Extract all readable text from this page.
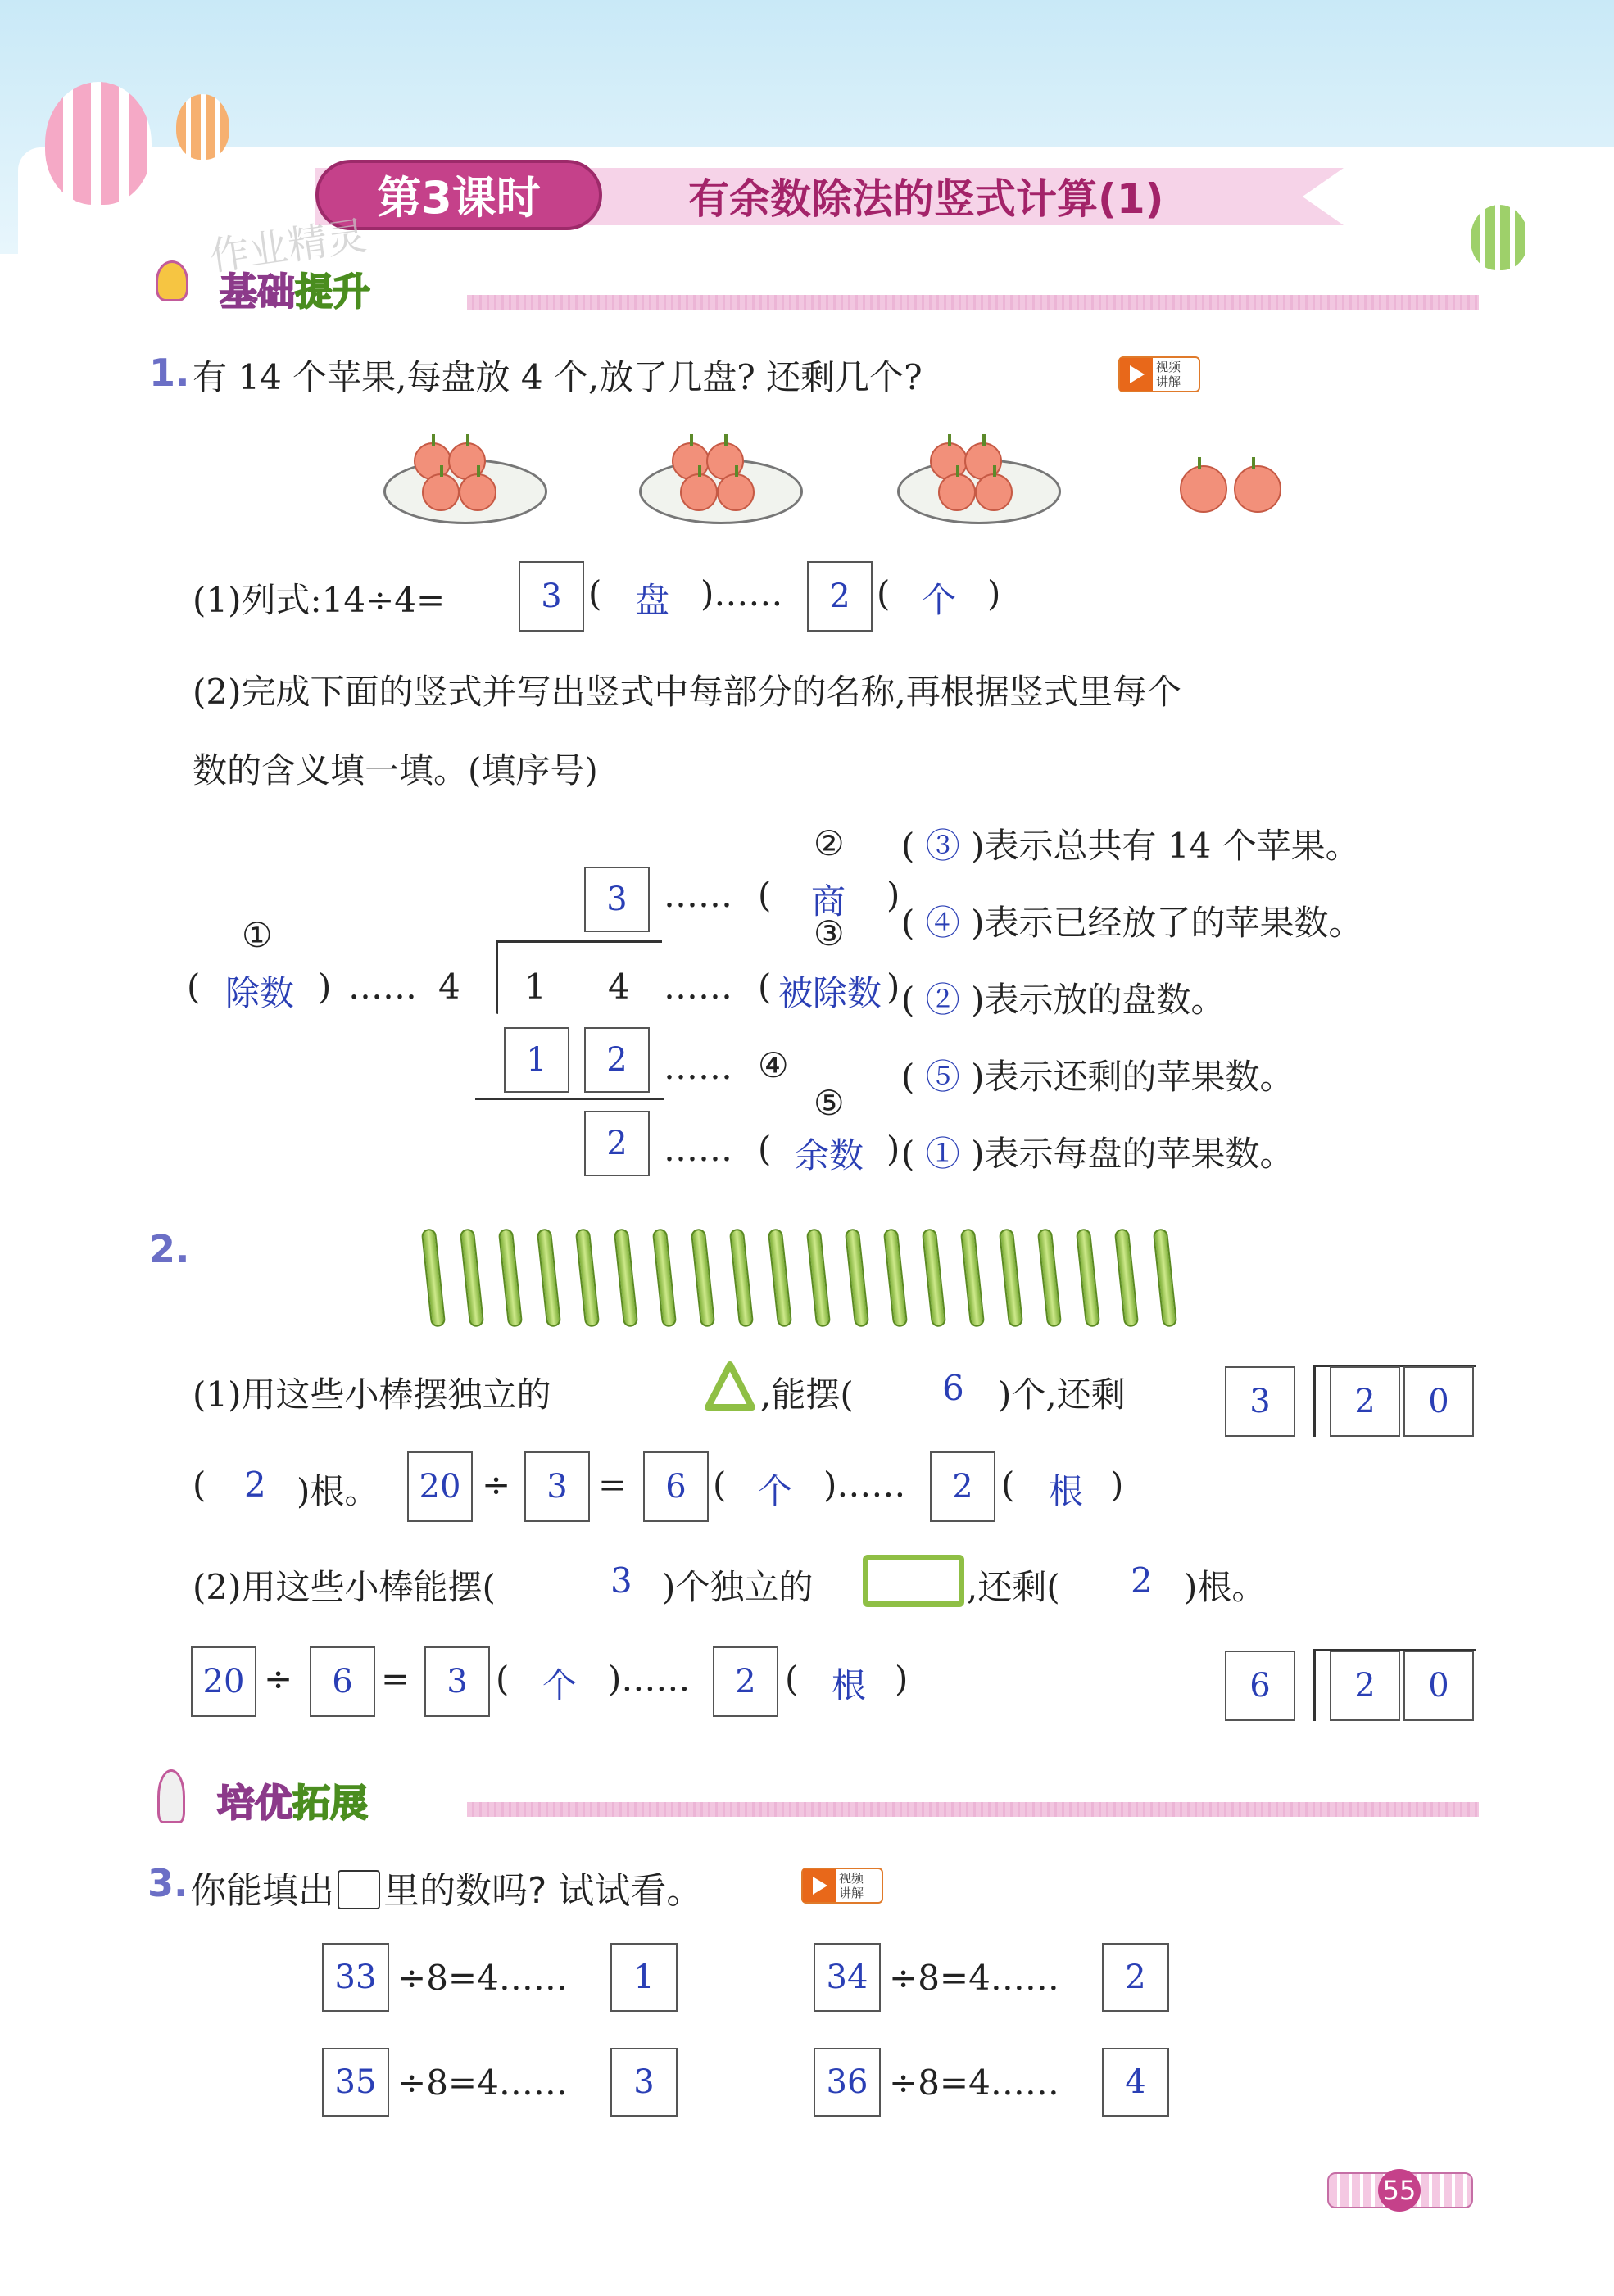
第3课时	有余数除法的竖式计算(1)
作业精灵
基础提升
1. 有 14 个苹果,每盘放 4 个,放了几盘? 还剩几个?	视频
讲解
(1)列式:14÷4=	3 ( 盘 )……	2 ( 个 )
(2)完成下面的竖式并写出竖式中每部分的名称,再根据竖式里每个
数的含义填一填。(填序号)
3	…… ( 商 )
②
①
( 除数 ) …… 4 1 4 …… ( 被除数 )
③
1	2	…… ④
2	…… ( 余数 )
⑤
( ③ )表示总共有 14 个苹果。
( ④ )表示已经放了的苹果数。
( ② )表示放的盘数。
( ⑤ )表示还剩的苹果数。
( ① )表示每盘的苹果数。
2.
(1)用这些小棒摆独立的	,能摆(	6 )个,还剩
( 2 )根。	20 ÷	3 =	6 ( 个 )……	2 ( 根 )
3	2	0
(2)用这些小棒能摆(	3 )个独立的	,还剩( 2 )根。
20 ÷	6 =	3 ( 个 )……	2 ( 根 )	6	2	0
培优拓展
3. 你能填出 里的数吗? 试试看。	视频
讲解
33 ÷8=4……	1	34 ÷8=4……	2
35 ÷8=4……	3	36 ÷8=4……	4
55
